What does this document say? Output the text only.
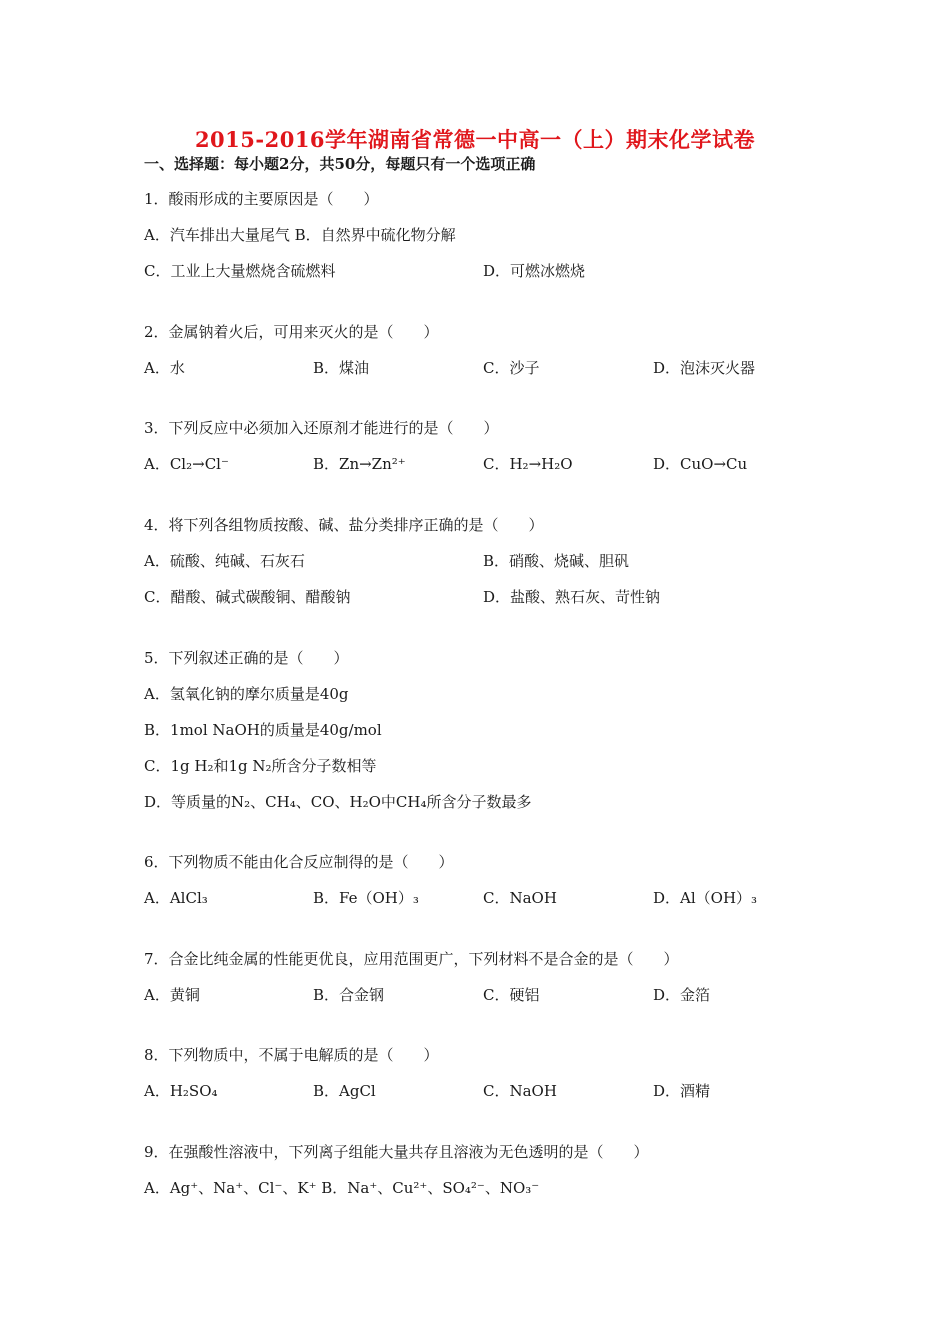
2015-2016学年湖南省常德一中高一（上）期末化学试卷
一、选择题：每小题2分，共50分，每题只有一个选项正确
1．酸雨形成的主要原因是（　　）
A．汽车排出大量尾气 B．自然界中硫化物分解
C．工业上大量燃烧含硫燃料	D．可燃冰燃烧
2．金属钠着火后，可用来灭火的是（　　）
A．水	B．煤油	C．沙子	D．泡沫灭火器
3．下列反应中必须加入还原剂才能进行的是（　　）
A．Cl₂→Cl⁻	B．Zn→Zn²⁺	C．H₂→H₂O	D．CuO→Cu
4．将下列各组物质按酸、碱、盐分类排序正确的是（　　）
A．硫酸、纯碱、石灰石	B．硝酸、烧碱、胆矾
C．醋酸、碱式碳酸铜、醋酸钠	D．盐酸、熟石灰、苛性钠
5．下列叙述正确的是（　　）
A．氢氧化钠的摩尔质量是40g
B．1mol NaOH的质量是40g/mol
C．1g H₂和1g N₂所含分子数相等
D．等质量的N₂、CH₄、CO、H₂O中CH₄所含分子数最多
6．下列物质不能由化合反应制得的是（　　）
A．AlCl₃	B．Fe（OH）₃	C．NaOH	D．Al（OH）₃
7．合金比纯金属的性能更优良，应用范围更广，下列材料不是合金的是（　　）
A．黄铜	B．合金钢	C．硬铝	D．金箔
8．下列物质中，不属于电解质的是（　　）
A．H₂SO₄	B．AgCl	C．NaOH	D．酒精
9．在强酸性溶液中，下列离子组能大量共存且溶液为无色透明的是（　　）
A．Ag⁺、Na⁺、Cl⁻、K⁺ B．Na⁺、Cu²⁺、SO₄²⁻、NO₃⁻
